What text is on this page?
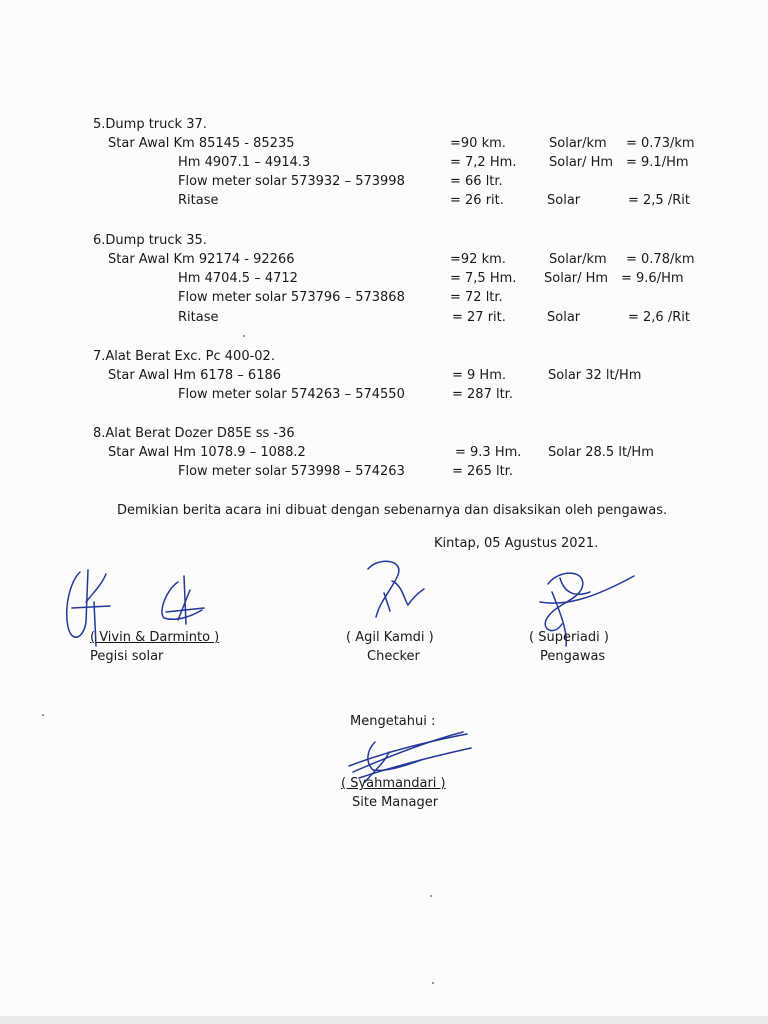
5.Dump truck 37.
Star Awal Km 85145 - 85235	=90 km.	Solar/km = 0.73/km
Hm 4907.1 – 4914.3	= 7,2 Hm.	Solar/ Hm = 9.1/Hm
Flow meter solar 573932 – 573998	= 66 ltr.
Ritase	= 26 rit.	Solar	= 2,5 /Rit
6.Dump truck 35.
Star Awal Km 92174 - 92266	=92 km.	Solar/km = 0.78/km
Hm 4704.5 – 4712	= 7,5 Hm. Solar/ Hm = 9.6/Hm
Flow meter solar 573796 – 573868	= 72 ltr.
Ritase	= 27 rit.	Solar	= 2,6 /Rit
7.Alat Berat Exc. Pc 400-02.
Star Awal Hm 6178 – 6186	= 9 Hm.	Solar 32 lt/Hm
Flow meter solar 574263 – 574550	= 287 ltr.
8.Alat Berat Dozer D85E ss -36
Star Awal Hm 1078.9 – 1088.2	= 9.3 Hm. Solar 28.5 lt/Hm
Flow meter solar 573998 – 574263	= 265 ltr.
Demikian berita acara ini dibuat dengan sebenarnya dan disaksikan oleh pengawas.
Kintap, 05 Agustus 2021.
( Vivin & Darminto )
Pegisi solar
( Agil Kamdi )
Checker
( Superiadi )
Pengawas
Mengetahui :
( Syahmandari )
Site Manager
